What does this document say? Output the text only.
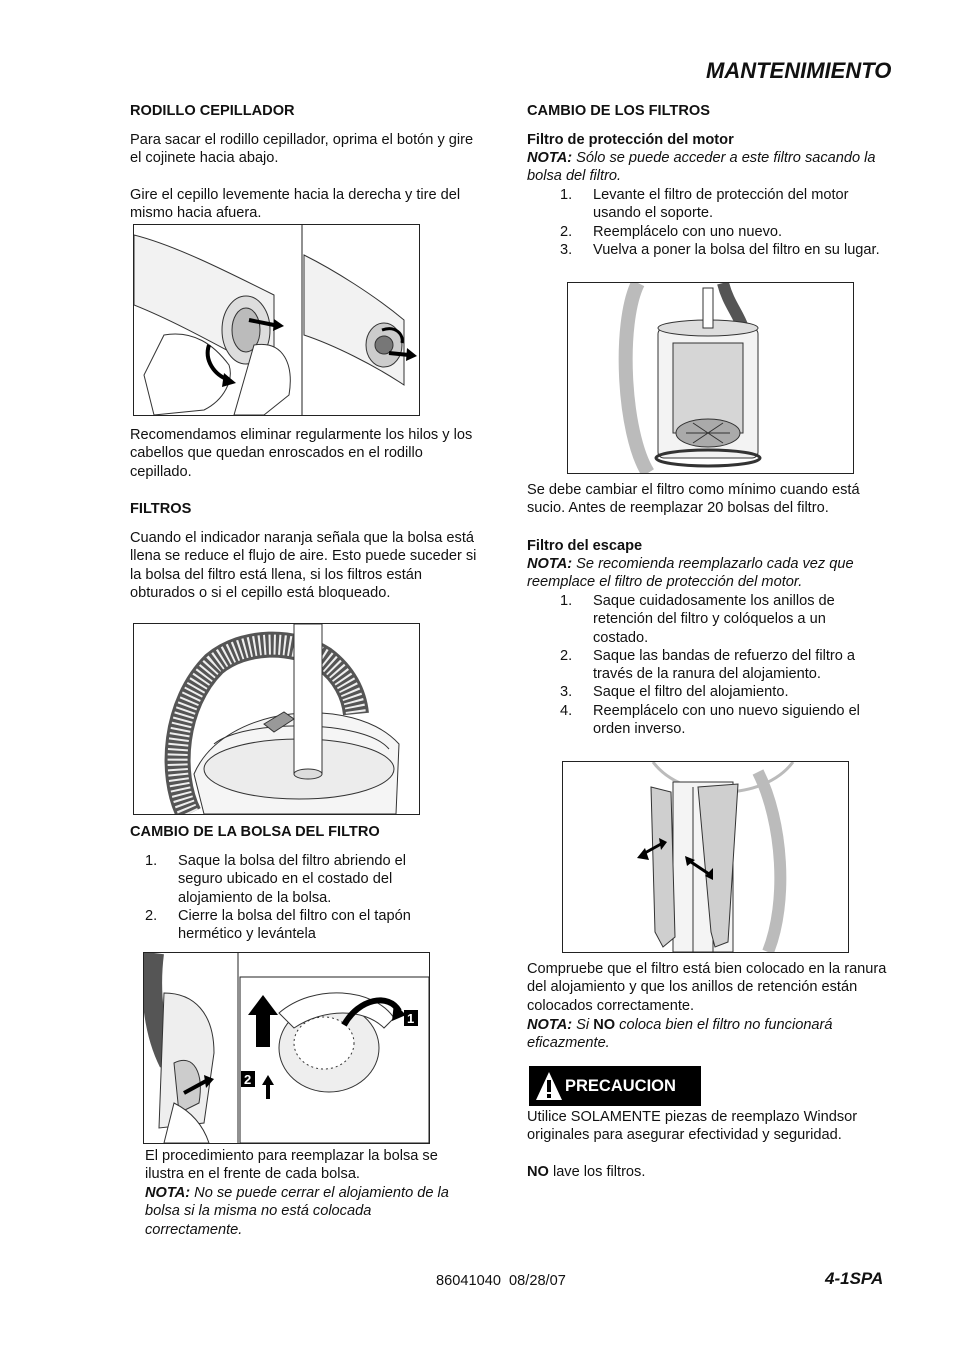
MANTENIMIENTO
RODILLO CEPILLADOR

Para sacar el rodillo cepillador, oprima el botón y gire el cojinete hacia abajo.

Gire el cepillo levemente hacia la derecha y tire del mismo hacia afuera.

Recomendamos eliminar regularmente los hilos y los cabellos que quedan enroscados en el rodillo cepillado.

FILTROS

Cuando el indicador naranja señala que la bolsa está llena se reduce el flujo de aire. Esto puede suceder si la bolsa del filtro está llena, si los filtros están obturados o si el cepillo está bloqueado.

CAMBIO DE LA BOLSA DEL FILTRO
1. Saque la bolsa del filtro abriendo el seguro ubicado en el costado del alojamiento de la bolsa.
2. Cierre la bolsa del filtro con el tapón hermético y levántela
1
2

El procedimiento para reemplazar la bolsa se ilustra en el frente de cada bolsa.

NOTA: No se puede cerrar el alojamiento de la bolsa si la misma no está colocada correctamente.

CAMBIO DE LOS FILTROS
Filtro de protección del motor

NOTA: Sólo se puede acceder a este filtro sacando la bolsa del filtro.

1. Levante el filtro de protección del motor usando el soporte.
2. Reemplácelo con uno nuevo.
3. Vuelva a poner la bolsa del filtro en su lugar.

Se debe cambiar el filtro como mínimo cuando está sucio. Antes de reemplazar 20 bolsas del filtro.

Filtro del escape

NOTA: Se recomienda reemplazarlo cada vez que reemplace el filtro de protección del motor.

1. Saque cuidadosamente los anillos de retención del filtro y colóquelos a un costado.
2. Saque las bandas de refuerzo del filtro a través de la ranura del alojamiento.
3. Saque el filtro del alojamiento.
4. Reemplácelo con uno nuevo siguiendo el orden inverso.

Compruebe que el filtro está bien colocado en la ranura del alojamiento y que los anillos de retención están colocados correctamente.

NOTA: Si NO coloca bien el filtro no funcionará eficazmente.

PRECAUCION

Utilice SOLAMENTE piezas de reemplazo Windsor originales para asegurar efectividad y seguridad.

NO lave los filtros.

86041040  08/28/07	4-1SPA
